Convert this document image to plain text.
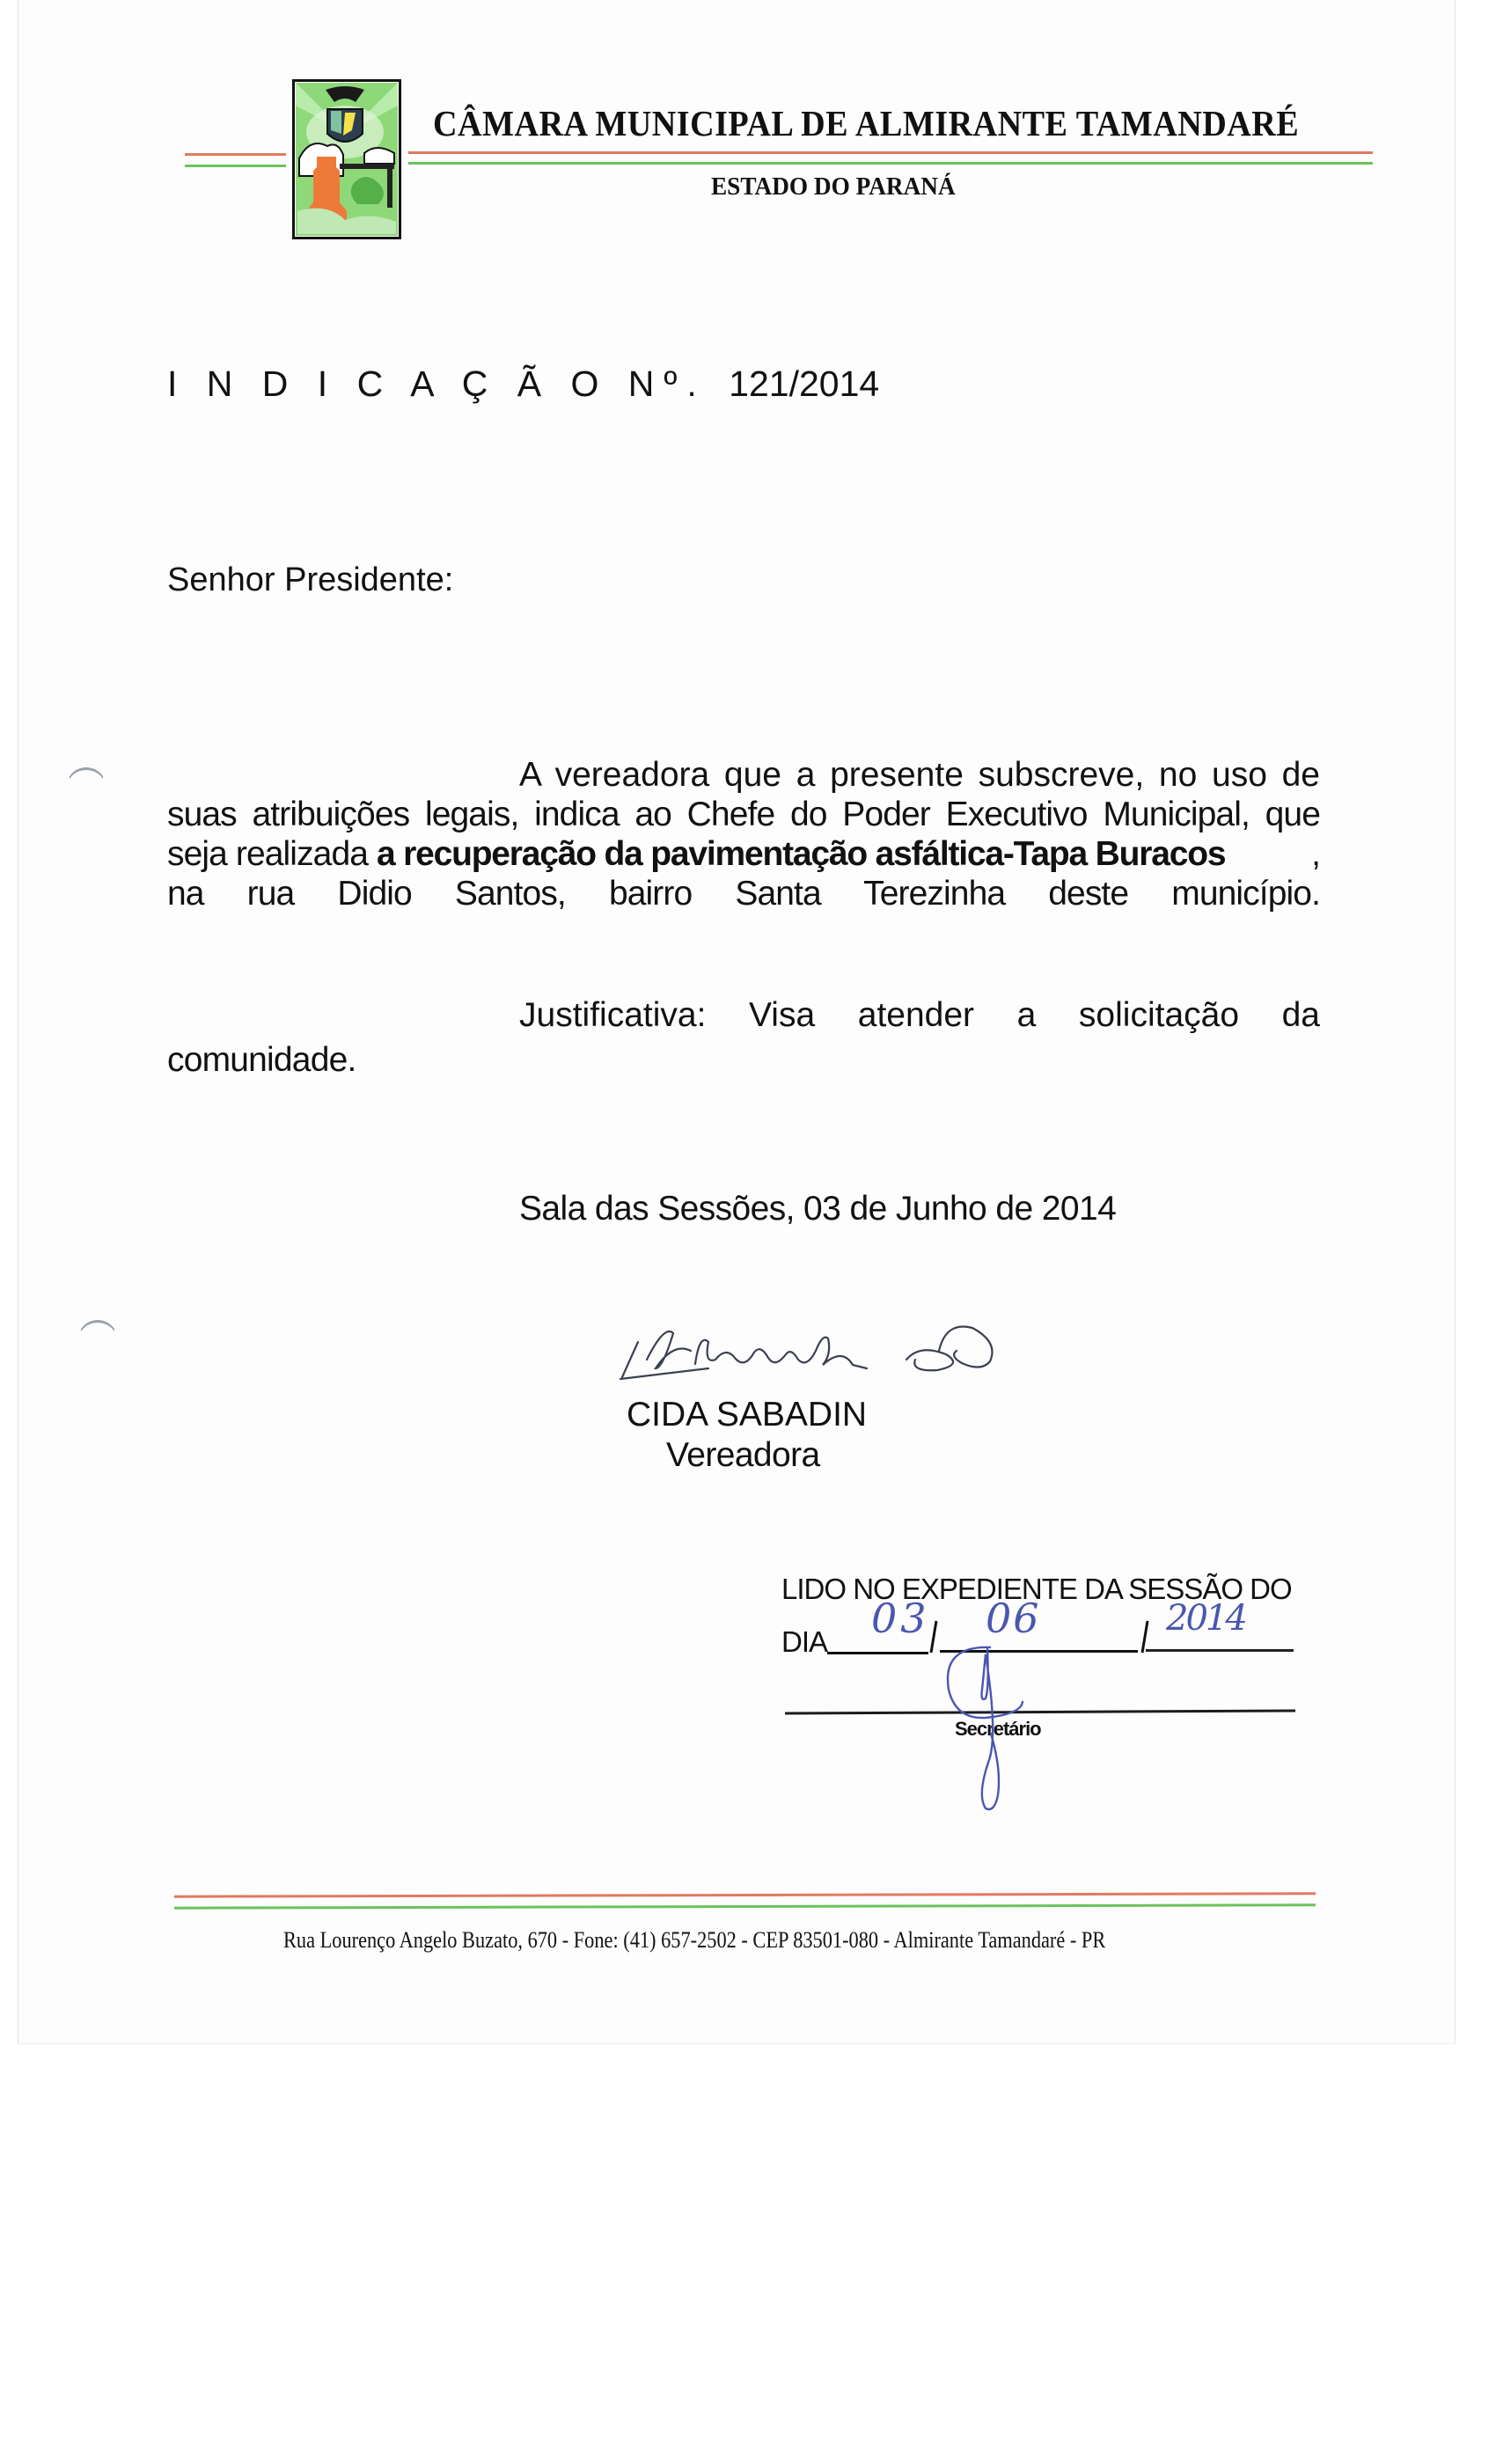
CÂMARA MUNICIPAL DE ALMIRANTE TAMANDARÉ
ESTADO DO PARANÁ
I N D I C A Ç Ã O Nº. 121/2014
Senhor Presidente:
A vereadora que a presente subscreve, no uso de
suas atribuições legais, indica ao Chefe do Poder Executivo Municipal, que
seja realizada a recuperação da pavimentação asfáltica-Tapa Buracos	,
na rua Didio Santos, bairro Santa Terezinha deste município.
Justificativa: Visa atender a solicitação da
comunidade.
Sala das Sessões, 03 de Junho de 2014
CIDA SABADIN
Vereadora
LIDO NO EXPEDIENTE DA SESSÃO DO
DIA 03 06	2014
Secretário
Rua Lourenço Angelo Buzato, 670 - Fone: (41) 657-2502 - CEP 83501-080 - Almirante Tamandaré - PR
